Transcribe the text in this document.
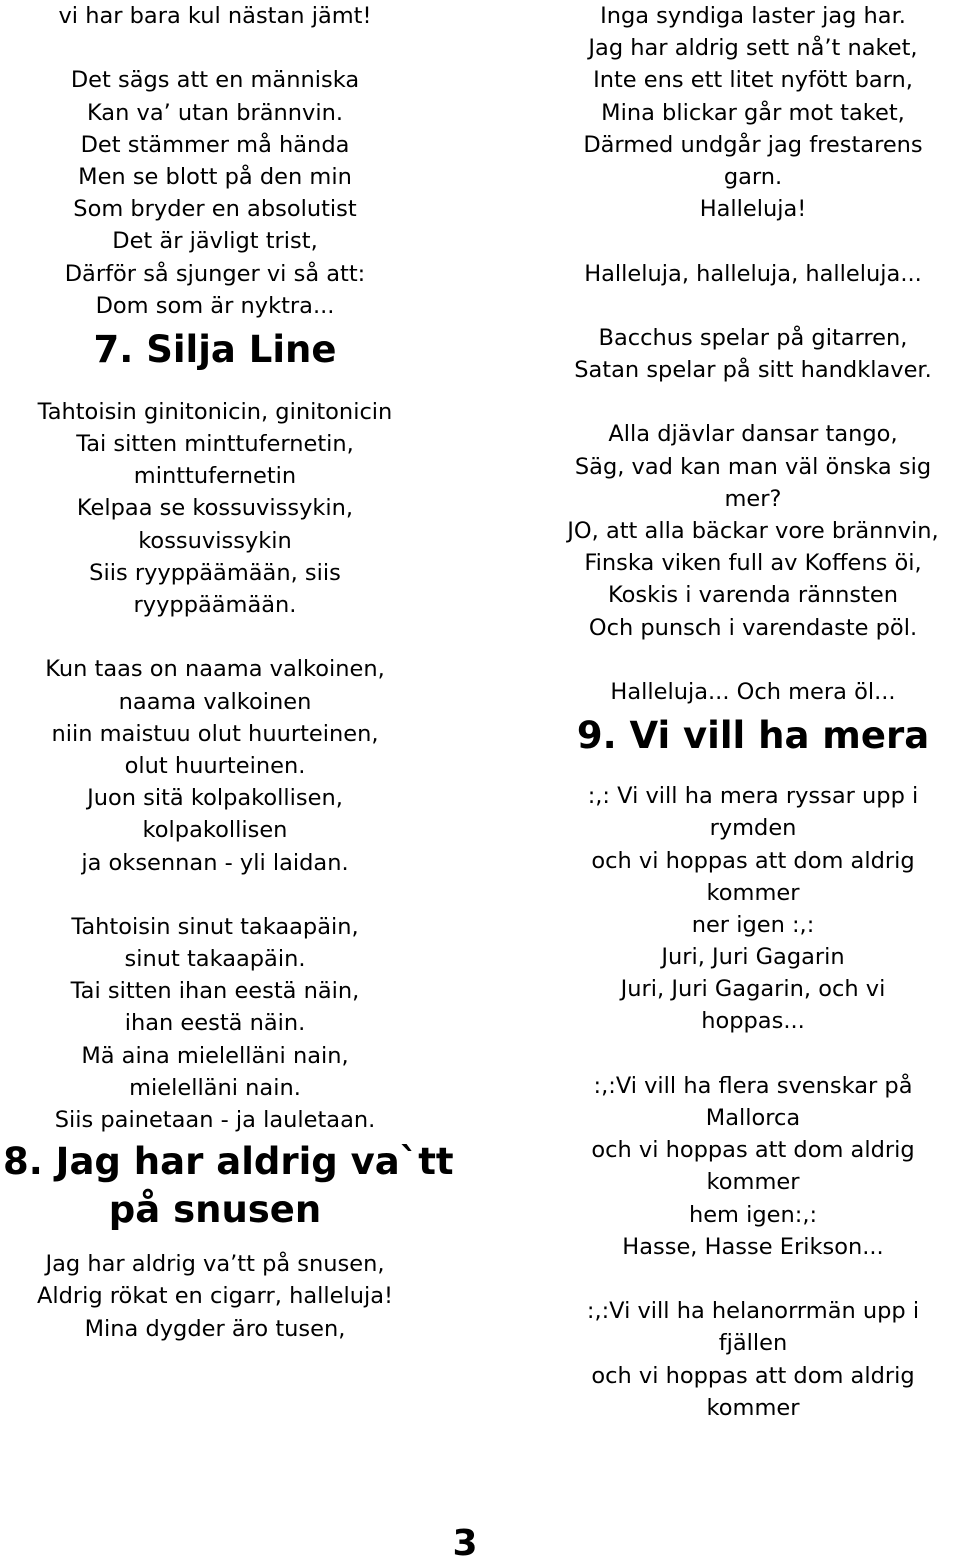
vi har bara kul nästan jämt!
Det sägs att en människa
Kan va’ utan brännvin.
Det stämmer må hända
Men se blott på den min
Som bryder en absolutist
Det är jävligt trist,
Därför så sjunger vi så att:
Dom som är nyktra...
7. Silja Line
Tahtoisin ginitonicin, ginitonicin
Tai sitten minttufernetin,
minttufernetin
Kelpaa se kossuvissykin,
kossuvissykin
Siis ryyppäämään, siis
ryyppäämään.
Kun taas on naama valkoinen,
naama valkoinen
niin maistuu olut huurteinen,
olut huurteinen.
Juon sitä kolpakollisen,
kolpakollisen
ja oksennan - yli laidan.
Tahtoisin sinut takaapäin,
sinut takaapäin.
Tai sitten ihan eestä näin,
ihan eestä näin.
Mä aina mielelläni nain,
mielelläni nain.
Siis painetaan - ja lauletaan.
8. Jag har aldrig va`tt
på snusen
Jag har aldrig va’tt på snusen,
Aldrig rökat en cigarr, halleluja!
Mina dygder äro tusen,
Inga syndiga laster jag har.
Jag har aldrig sett nå’t naket,
Inte ens ett litet nyfött barn,
Mina blickar går mot taket,
Därmed undgår jag frestarens
garn.
Halleluja!
Halleluja, halleluja, halleluja...
Bacchus spelar på gitarren,
Satan spelar på sitt handklaver.
Alla djävlar dansar tango,
Säg, vad kan man väl önska sig
mer?
JO, att alla bäckar vore brännvin,
Finska viken full av Koffens öi,
Koskis i varenda rännsten
Och punsch i varendaste pöl.
Halleluja... Och mera öl...
9. Vi vill ha mera
:,: Vi vill ha mera ryssar upp i
rymden
och vi hoppas att dom aldrig
kommer
ner igen :,:
Juri, Juri Gagarin
Juri, Juri Gagarin, och vi
hoppas...
:,:Vi vill ha flera svenskar på
Mallorca
och vi hoppas att dom aldrig
kommer
hem igen:,:
Hasse, Hasse Erikson...
:,:Vi vill ha helanorrmän upp i
fjällen
och vi hoppas att dom aldrig
kommer
3
